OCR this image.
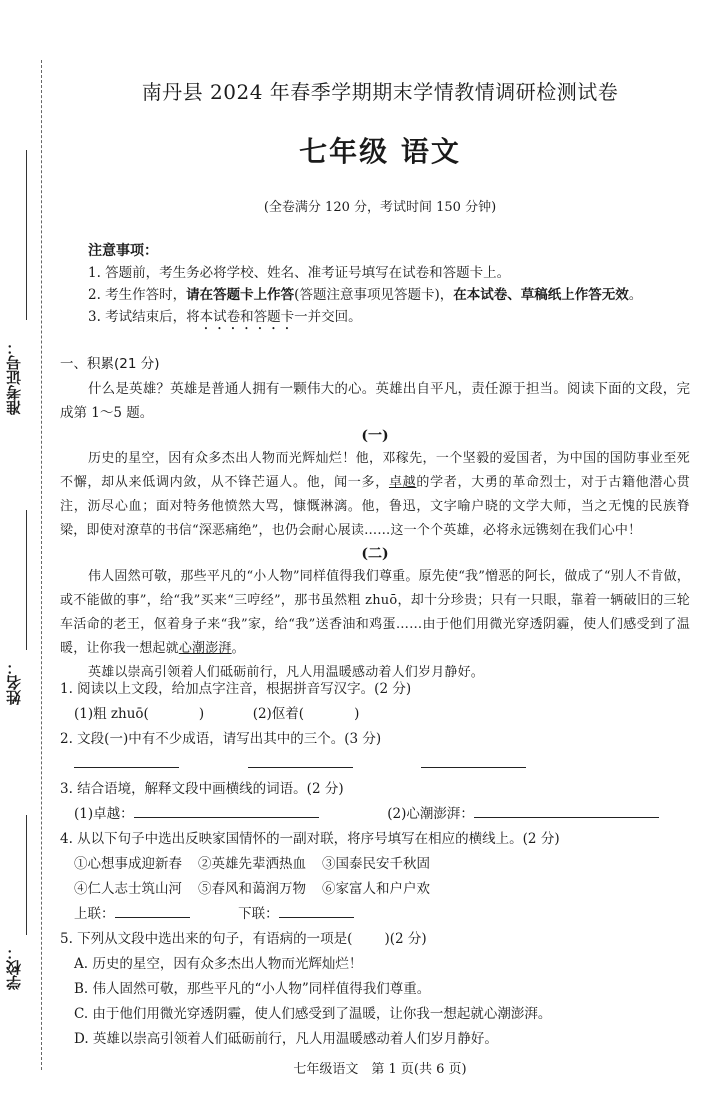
准考证号：
姓名：
学校：
南丹县 2024 年春季学期期末学情教情调研检测试卷
七年级 语文
(全卷满分 120 分，考试时间 150 分钟)
注意事项：
1. 答题前，考生务必将学校、姓名、准考证号填写在试卷和答题卡上。
2. 考生作答时，请在答题卡上作答(答题注意事项见答题卡)，在本试卷、草稿纸上作答无效。
3. 考试结束后，将本试卷和答题卡一并交回。
一、积累(21 分)
什么是英雄？英雄是普通人拥有一颗伟大的心。英雄出自平凡，责任源于担当。阅读下面的文段，完成第 1～5 题。
(一)
历史的星空，因有众多杰出人物而光辉灿烂！他，邓稼先，一个坚毅的爱国者，为中国的国防事业至死不懈，却从来低调内敛，从不锋芒逼人。他，闻一多，卓越的学者，大勇的革命烈士，对于古籍他潜心贯注，沥尽心血；面对特务他愤然大骂，慷慨淋漓。他，鲁迅，文字喻户晓的文学大师，当之无愧的民族脊梁，即使对潦草的书信“深恶痛绝”，也仍会耐心展读……这一个个英雄，必将永远镌刻在我们心中！
(二)
伟人固然可敬，那些平凡的“小人物”同样值得我们尊重。原先使“我”憎恶的阿长，做成了“别人不肯做，或不能做的事”，给“我”买来“三哼经”，那书虽然粗 zhuō，却十分珍贵；只有一只眼，靠着一辆破旧的三轮车活命的老王，伛着身子来“我”家，给“我”送香油和鸡蛋……由于他们用微光穿透阴霾，使人们感受到了温暖，让你我一想起就心潮澎湃。
英雄以崇高引领着人们砥砺前行，凡人用温暖感动着人们岁月静好。
1. 阅读以上文段，给加点字注音，根据拼音写汉字。(2 分)
(1)粗 zhuō(	)	(2)伛着(	)
2. 文段(一)中有不少成语，请写出其中的三个。(3 分)

3. 结合语境，解释文段中画横线的词语。(2 分)
(1)卓越：	(2)心潮澎湃：
4. 从以下句子中选出反映家国情怀的一副对联，将序号填写在相应的横线上。(2 分)
①心想事成迎新春 ②英雄先辈洒热血 ③国泰民安千秋固
④仁人志士筑山河 ⑤春风和蔼润万物 ⑥家富人和户户欢
上联：	下联：
5. 下列从文段中选出来的句子，有语病的一项是( )(2 分)
A. 历史的星空，因有众多杰出人物而光辉灿烂！
B. 伟人固然可敬，那些平凡的“小人物”同样值得我们尊重。
C. 由于他们用微光穿透阴霾，使人们感受到了温暖，让你我一想起就心潮澎湃。
D. 英雄以崇高引领着人们砥砺前行，凡人用温暖感动着人们岁月静好。
七年级语文　第 1 页(共 6 页)
